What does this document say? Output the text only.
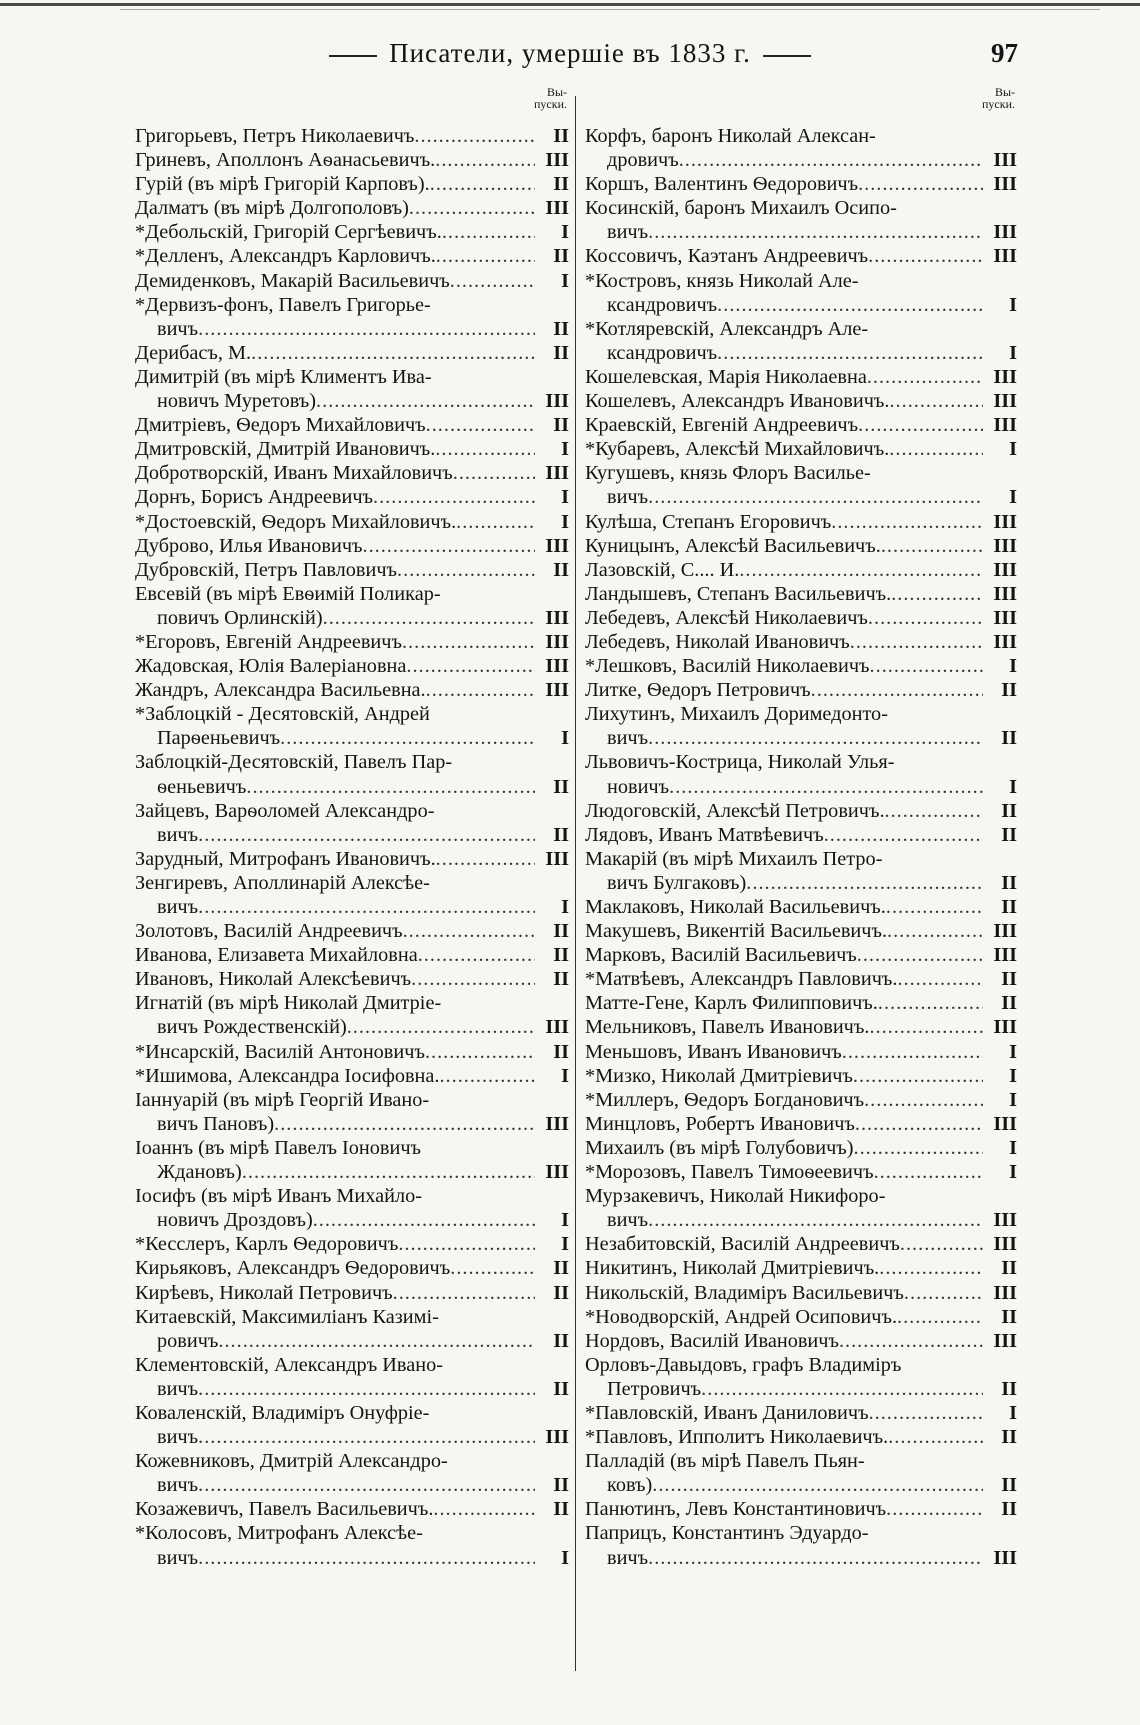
Писатели, умершіе въ 1833 г.	97
Вы-
пуски.
Григорьевъ, Петръ Николаевичъ .....	II
Гриневъ, Аполлонъ Аѳанасьевичъ. .....	III
Гурій (въ мірѣ Григорій Карповъ). .....	II
Далматъ (въ мірѣ Долгополовъ) .....	III
*Дебольскій, Григорій Сергѣевичъ. .....	I
*Делленъ, Александръ Карловичъ. .....	II
Демиденковъ, Макарій Васильевичъ .....	I
*Дервизъ-фонъ, Павелъ Григорье-
вичъ .....	II
Дерибасъ, М. .....	II
Димитрій (въ мірѣ Климентъ Ива-
новичъ Муретовъ) .....	III
Дмитріевъ, Ѳедоръ Михайловичъ .....	II
Дмитровскій, Дмитрій Ивановичъ. .....	I
Добротворскій, Иванъ Михайловичъ .....	III
Дорнъ, Борисъ Андреевичъ .....	I
*Достоевскій, Ѳедоръ Михайловичъ. .....	I
Дуброво, Илья Ивановичъ .....	III
Дубровскій, Петръ Павловичъ .....	II
Евсевій (въ мірѣ Евѳимій Поликар-
повичъ Орлинскій) .....	III
*Егоровъ, Евгеній Андреевичъ .....	III
Жадовская, Юлія Валеріановна .....	III
Жандръ, Александра Васильевна. .....	III
*Заблоцкій - Десятовскій, Андрей
Парѳеньевичъ .....	I
Заблоцкій-Десятовскій, Павелъ Пар-
ѳеньевичъ .....	II
Зайцевъ, Варѳоломей Александро-
вичъ .....	II
Зарудный, Митрофанъ Ивановичъ. .....	III
Зенгиревъ, Аполлинарій Алексѣе-
вичъ .....	I
Золотовъ, Василій Андреевичъ .....	II
Иванова, Елизавета Михайловна .....	II
Ивановъ, Николай Алексѣевичъ .....	II
Игнатій (въ мірѣ Николай Дмитріе-
вичъ Рождественскій) .....	III
*Инсарскій, Василій Антоновичъ .....	II
*Ишимова, Александра Іосифовна. .....	I
Іаннуарій (въ мірѣ Георгій Ивано-
вичъ Пановъ) .....	III
Іоаннъ (въ мірѣ Павелъ Іоновичъ
Ждановъ) .....	III
Іосифъ (въ мірѣ Иванъ Михайло-
новичъ Дроздовъ) .....	I
*Кесслеръ, Карлъ Ѳедоровичъ .....	I
Кирьяковъ, Александръ Ѳедоровичъ .....	II
Кирѣевъ, Николай Петровичъ .....	II
Китаевскій, Максимиліанъ Казимі-
ровичъ .....	II
Клементовскій, Александръ Ивано-
вичъ .....	II
Коваленскій, Владиміръ Онуфріе-
вичъ .....	III
Кожевниковъ, Дмитрій Александро-
вичъ .....	II
Козажевичъ, Павелъ Васильевичъ. .....	II
*Колосовъ, Митрофанъ Алексѣе-
вичъ .....	I
Вы-
пуски.
Корфъ, баронъ Николай Алексан-
дровичъ .....	III
Коршъ, Валентинъ Ѳедоровичъ .....	III
Косинскій, баронъ Михаилъ Осипо-
вичъ .....	III
Коссовичъ, Каэтанъ Андреевичъ .....	III
*Костровъ, князь Николай Але-
ксандровичъ .....	I
*Котляревскій, Александръ Але-
ксандровичъ .....	I
Кошелевская, Марія Николаевна .....	III
Кошелевъ, Александръ Ивановичъ. .....	III
Краевскій, Евгеній Андреевичъ .....	III
*Кубаревъ, Алексѣй Михайловичъ. .....	I
Кугушевъ, князь Флоръ Васильe-
вичъ .....	I
Кулѣша, Степанъ Егоровичъ .....	III
Куницынъ, Алексѣй Васильевичъ. .....	III
Лазовскій, С.... И. .....	III
Ландышевъ, Степанъ Васильевичъ. .....	III
Лебедевъ, Алексѣй Николаевичъ .....	III
Лебедевъ, Николай Ивановичъ .....	III
*Лешковъ, Василій Николаевичъ .....	I
Литке, Ѳедоръ Петровичъ .....	II
Лихутинъ, Михаилъ Доримедонто-
вичъ .....	II
Львовичъ-Кострица, Николай Улья-
новичъ .....	I
Людоговскій, Алексѣй Петровичъ. .....	II
Лядовъ, Иванъ Матвѣевичъ .....	II
Макарій (въ мірѣ Михаилъ Петро-
вичъ Булгаковъ) .....	II
Маклаковъ, Николай Васильевичъ. .....	II
Макушевъ, Викентій Васильевичъ. .....	III
Марковъ, Василій Васильевичъ .....	III
*Матвѣевъ, Александръ Павловичъ. .....	II
Матте-Гене, Карлъ Филипповичъ. .....	II
Мельниковъ, Павелъ Ивановичъ. .....	III
Меньшовъ, Иванъ Ивановичъ .....	I
*Мизко, Николай Дмитріевичъ .....	I
*Миллеръ, Ѳедоръ Богдановичъ .....	I
Минцловъ, Робертъ Ивановичъ .....	III
Михаилъ (въ мірѣ Голубовичъ) .....	I
*Морозовъ, Павелъ Тимоѳеевичъ .....	I
Мурзакевичъ, Николай Никифоро-
вичъ .....	III
Незабитовскій, Василій Андреевичъ .....	III
Никитинъ, Николай Дмитріевичъ. .....	II
Никольскій, Владиміръ Васильевичъ .....	III
*Новодворскій, Андрей Осиповичъ. .....	II
Нордовъ, Василій Ивановичъ .....	III
Орловъ-Давыдовъ, графъ Владиміръ
Петровичъ .....	II
*Павловскій, Иванъ Даниловичъ .....	I
*Павловъ, Ипполитъ Николаевичъ. .....	II
Палладій (въ мірѣ Павелъ Пьян-
ковъ) .....	II
Панютинъ, Левъ Константиновичъ .....	II
Паприцъ, Константинъ Эдуардо-
вичъ .....	III
